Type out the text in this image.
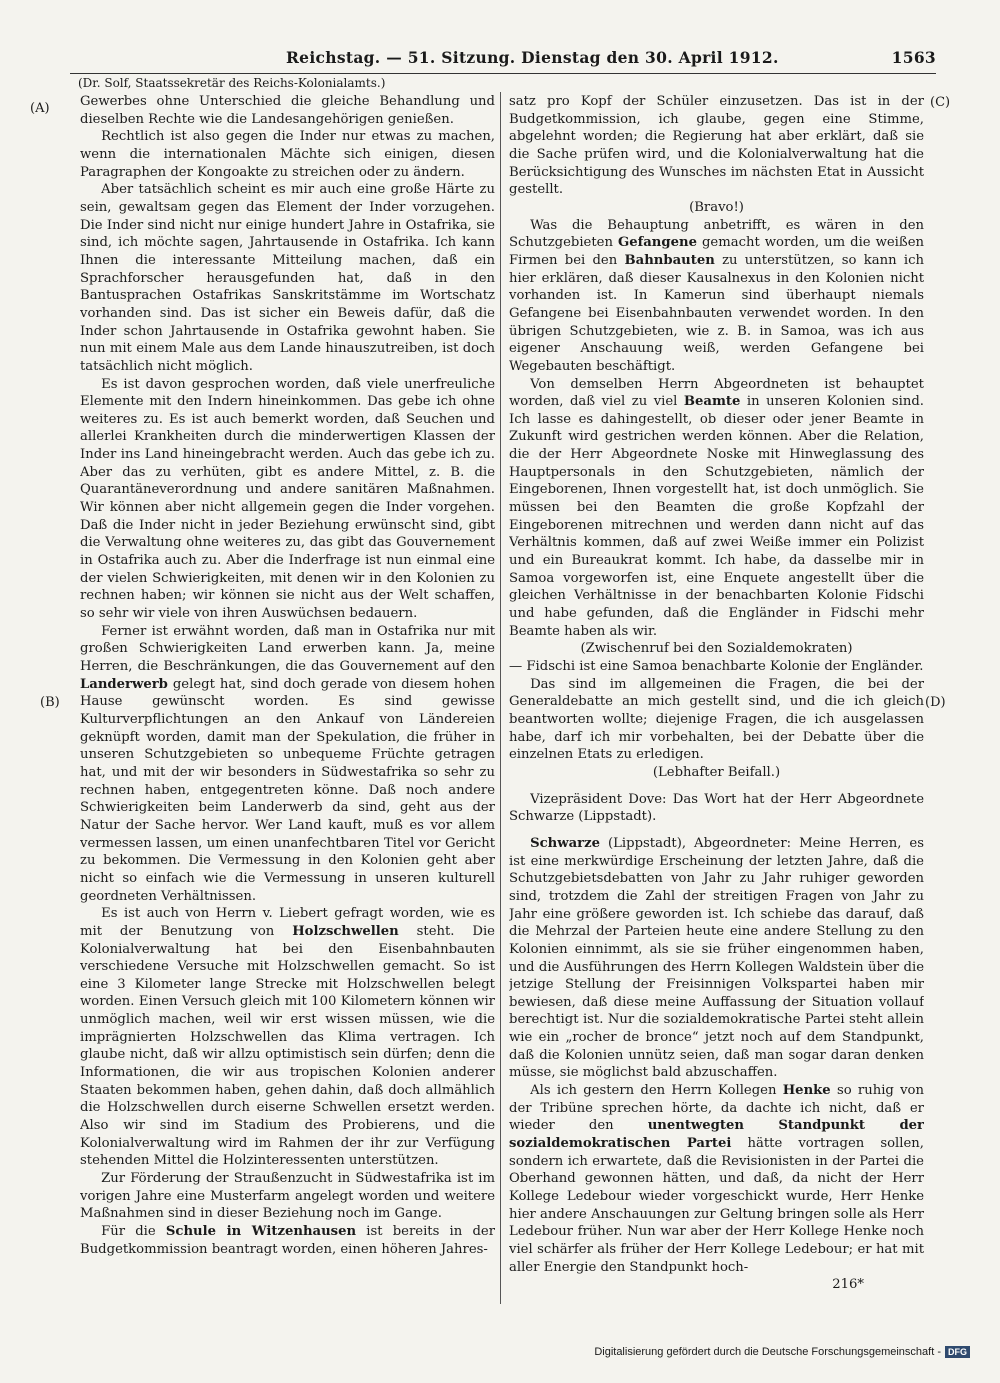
Reichstag. — 51. Sitzung. Dienstag den 30. April 1912.	1563
(Dr. Solf, Staatssekretär des Reichs-Kolonialamts.)
(A)
(B)
(C)
(D)

Gewerbes ohne Unterschied die gleiche Behandlung und dieselben Rechte wie die Landesangehörigen genießen.

Rechtlich ist also gegen die Inder nur etwas zu machen, wenn die internationalen Mächte sich einigen, diesen Paragraphen der Kongoakte zu streichen oder zu ändern.

Aber tatsächlich scheint es mir auch eine große Härte zu sein, gewaltsam gegen das Element der Inder vorzugehen. Die Inder sind nicht nur einige hundert Jahre in Ostafrika, sie sind, ich möchte sagen, Jahrtausende in Ostafrika. Ich kann Ihnen die interessante Mitteilung machen, daß ein Sprachforscher herausgefunden hat, daß in den Bantusprachen Ostafrikas Sanskritstämme im Wortschatz vorhanden sind. Das ist sicher ein Beweis dafür, daß die Inder schon Jahrtausende in Ostafrika gewohnt haben. Sie nun mit einem Male aus dem Lande hinauszutreiben, ist doch tatsächlich nicht möglich.

Es ist davon gesprochen worden, daß viele unerfreuliche Elemente mit den Indern hineinkommen. Das gebe ich ohne weiteres zu. Es ist auch bemerkt worden, daß Seuchen und allerlei Krankheiten durch die minderwertigen Klassen der Inder ins Land hineingebracht werden. Auch das gebe ich zu. Aber das zu verhüten, gibt es andere Mittel, z. B. die Quarantäneverordnung und andere sanitären Maßnahmen. Wir können aber nicht allgemein gegen die Inder vorgehen. Daß die Inder nicht in jeder Beziehung erwünscht sind, gibt die Verwaltung ohne weiteres zu, das gibt das Gouvernement in Ostafrika auch zu. Aber die Inderfrage ist nun einmal eine der vielen Schwierigkeiten, mit denen wir in den Kolonien zu rechnen haben; wir können sie nicht aus der Welt schaffen, so sehr wir viele von ihren Auswüchsen bedauern.

Ferner ist erwähnt worden, daß man in Ostafrika nur mit großen Schwierigkeiten Land erwerben kann. Ja, meine Herren, die Beschränkungen, die das Gouvernement auf den Landerwerb gelegt hat, sind doch gerade von diesem hohen Hause gewünscht worden. Es sind gewisse Kulturverpflichtungen an den Ankauf von Ländereien geknüpft worden, damit man der Spekulation, die früher in unseren Schutzgebieten so unbequeme Früchte getragen hat, und mit der wir besonders in Südwestafrika so sehr zu rechnen haben, entgegentreten könne. Daß noch andere Schwierigkeiten beim Landerwerb da sind, geht aus der Natur der Sache hervor. Wer Land kauft, muß es vor allem vermessen lassen, um einen unanfechtbaren Titel vor Gericht zu bekommen. Die Vermessung in den Kolonien geht aber nicht so einfach wie die Vermessung in unseren kulturell geordneten Verhältnissen.

Es ist auch von Herrn v. Liebert gefragt worden, wie es mit der Benutzung von Holzschwellen steht. Die Kolonialverwaltung hat bei den Eisenbahnbauten verschiedene Versuche mit Holzschwellen gemacht. So ist eine 3 Kilometer lange Strecke mit Holzschwellen belegt worden. Einen Versuch gleich mit 100 Kilometern können wir unmöglich machen, weil wir erst wissen müssen, wie die imprägnierten Holzschwellen das Klima vertragen. Ich glaube nicht, daß wir allzu optimistisch sein dürfen; denn die Informationen, die wir aus tropischen Kolonien anderer Staaten bekommen haben, gehen dahin, daß doch allmählich die Holzschwellen durch eiserne Schwellen ersetzt werden. Also wir sind im Stadium des Probierens, und die Kolonialverwaltung wird im Rahmen der ihr zur Verfügung stehenden Mittel die Holzinteressenten unterstützen.

Zur Förderung der Straußenzucht in Südwestafrika ist im vorigen Jahre eine Musterfarm angelegt worden und weitere Maßnahmen sind in dieser Beziehung noch im Gange.

Für die Schule in Witzenhausen ist bereits in der Budgetkommission beantragt worden, einen höheren Jahres-

satz pro Kopf der Schüler einzusetzen. Das ist in der Budgetkommission, ich glaube, gegen eine Stimme, abgelehnt worden; die Regierung hat aber erklärt, daß sie die Sache prüfen wird, und die Kolonialverwaltung hat die Berücksichtigung des Wunsches im nächsten Etat in Aussicht gestellt.

(Bravo!)

Was die Behauptung anbetrifft, es wären in den Schutzgebieten Gefangene gemacht worden, um die weißen Firmen bei den Bahnbauten zu unterstützen, so kann ich hier erklären, daß dieser Kausalnexus in den Kolonien nicht vorhanden ist. In Kamerun sind überhaupt niemals Gefangene bei Eisenbahnbauten verwendet worden. In den übrigen Schutzgebieten, wie z. B. in Samoa, was ich aus eigener Anschauung weiß, werden Gefangene bei Wegebauten beschäftigt.

Von demselben Herrn Abgeordneten ist behauptet worden, daß viel zu viel Beamte in unseren Kolonien sind. Ich lasse es dahingestellt, ob dieser oder jener Beamte in Zukunft wird gestrichen werden können. Aber die Relation, die der Herr Abgeordnete Noske mit Hinweglassung des Hauptpersonals in den Schutzgebieten, nämlich der Eingeborenen, Ihnen vorgestellt hat, ist doch unmöglich. Sie müssen bei den Beamten die große Kopfzahl der Eingeborenen mitrechnen und werden dann nicht auf das Verhältnis kommen, daß auf zwei Weiße immer ein Polizist und ein Bureaukrat kommt. Ich habe, da dasselbe mir in Samoa vorgeworfen ist, eine Enquete angestellt über die gleichen Verhältnisse in der benachbarten Kolonie Fidschi und habe gefunden, daß die Engländer in Fidschi mehr Beamte haben als wir.

(Zwischenruf bei den Sozialdemokraten)

— Fidschi ist eine Samoa benachbarte Kolonie der Engländer.

Das sind im allgemeinen die Fragen, die bei der Generaldebatte an mich gestellt sind, und die ich gleich beantworten wollte; diejenige Fragen, die ich ausgelassen habe, darf ich mir vorbehalten, bei der Debatte über die einzelnen Etats zu erledigen.

(Lebhafter Beifall.)

Vizepräsident Dove: Das Wort hat der Herr Abgeordnete Schwarze (Lippstadt).

Schwarze (Lippstadt), Abgeordneter: Meine Herren, es ist eine merkwürdige Erscheinung der letzten Jahre, daß die Schutzgebietsdebatten von Jahr zu Jahr ruhiger geworden sind, trotzdem die Zahl der streitigen Fragen von Jahr zu Jahr eine größere geworden ist. Ich schiebe das darauf, daß die Mehrzal der Parteien heute eine andere Stellung zu den Kolonien einnimmt, als sie sie früher eingenommen haben, und die Ausführungen des Herrn Kollegen Waldstein über die jetzige Stellung der Freisinnigen Volkspartei haben mir bewiesen, daß diese meine Auffassung der Situation vollauf berechtigt ist. Nur die sozialdemokratische Partei steht allein wie ein „rocher de bronce“ jetzt noch auf dem Standpunkt, daß die Kolonien unnütz seien, daß man sogar daran denken müsse, sie möglichst bald abzuschaffen.

Als ich gestern den Herrn Kollegen Henke so ruhig von der Tribüne sprechen hörte, da dachte ich nicht, daß er wieder den unentwegten Standpunkt der sozialdemokratischen Partei hätte vortragen sollen, sondern ich erwartete, daß die Revisionisten in der Partei die Oberhand gewonnen hätten, und daß, da nicht der Herr Kollege Ledebour wieder vorgeschickt wurde, Herr Henke hier andere Anschauungen zur Geltung bringen solle als Herr Ledebour früher. Nun war aber der Herr Kollege Henke noch viel schärfer als früher der Herr Kollege Ledebour; er hat mit aller Energie den Standpunkt hoch-

216*

Digitalisierung gefördert durch die Deutsche Forschungsgemeinschaft - DFG
